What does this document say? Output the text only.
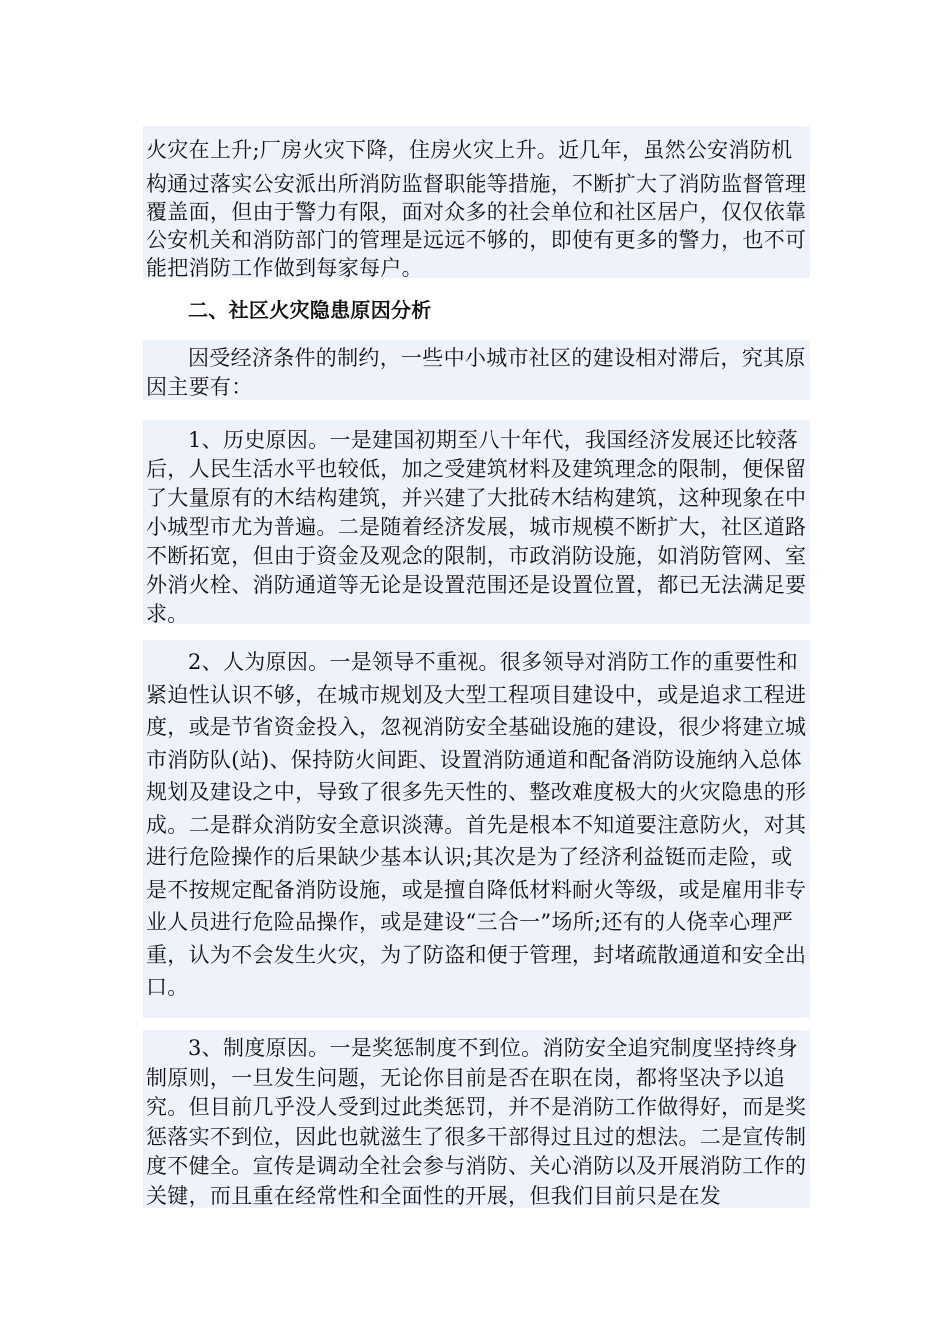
火灾在上升;厂房火灾下降，住房火灾上升。近几年，虽然公安消防机

构通过落实公安派出所消防监督职能等措施，不断扩大了消防监督管理覆盖面，但由于警力有限，面对众多的社会单位和社区居户，仅仅依靠公安机关和消防部门的管理是远远不够的，即使有更多的警力，也不可能把消防工作做到每家每户。

二、社区火灾隐患原因分析

因受经济条件的制约，一些中小城市社区的建设相对滞后，究其原因主要有：

1、历史原因。一是建国初期至八十年代，我国经济发展还比较落后，人民生活水平也较低，加之受建筑材料及建筑理念的限制，便保留了大量原有的木结构建筑，并兴建了大批砖木结构建筑，这种现象在中小城型市尤为普遍。二是随着经济发展，城市规模不断扩大，社区道路不断拓宽，但由于资金及观念的限制，市政消防设施，如消防管网、室外消火栓、消防通道等无论是设置范围还是设置位置，都已无法满足要求。

2、人为原因。一是领导不重视。很多领导对消防工作的重要性和紧迫性认识不够，在城市规划及大型工程项目建设中，或是追求工程进度，或是节省资金投入，忽视消防安全基础设施的建设，很少将建立城市消防队(站)、保持防火间距、设置消防通道和配备消防设施纳入总体规划及建设之中，导致了很多先天性的、整改难度极大的火灾隐患的形成。二是群众消防安全意识淡薄。首先是根本不知道要注意防火，对其进行危险操作的后果缺少基本认识;其次是为了经济利益铤而走险，或是不按规定配备消防设施，或是擅自降低材料耐火等级，或是雇用非专业人员进行危险品操作，或是建设“三合一”场所;还有的人侥幸心理严重，认为不会发生火灾，为了防盗和便于管理，封堵疏散通道和安全出口。

3、制度原因。一是奖惩制度不到位。消防安全追究制度坚持终身制原则，一旦发生问题，无论你目前是否在职在岗，都将坚决予以追究。但目前几乎没人受到过此类惩罚，并不是消防工作做得好，而是奖惩落实不到位，因此也就滋生了很多干部得过且过的想法。二是宣传制度不健全。宣传是调动全社会参与消防、关心消防以及开展消防工作的关键，而且重在经常性和全面性的开展，但我们目前只是在发
